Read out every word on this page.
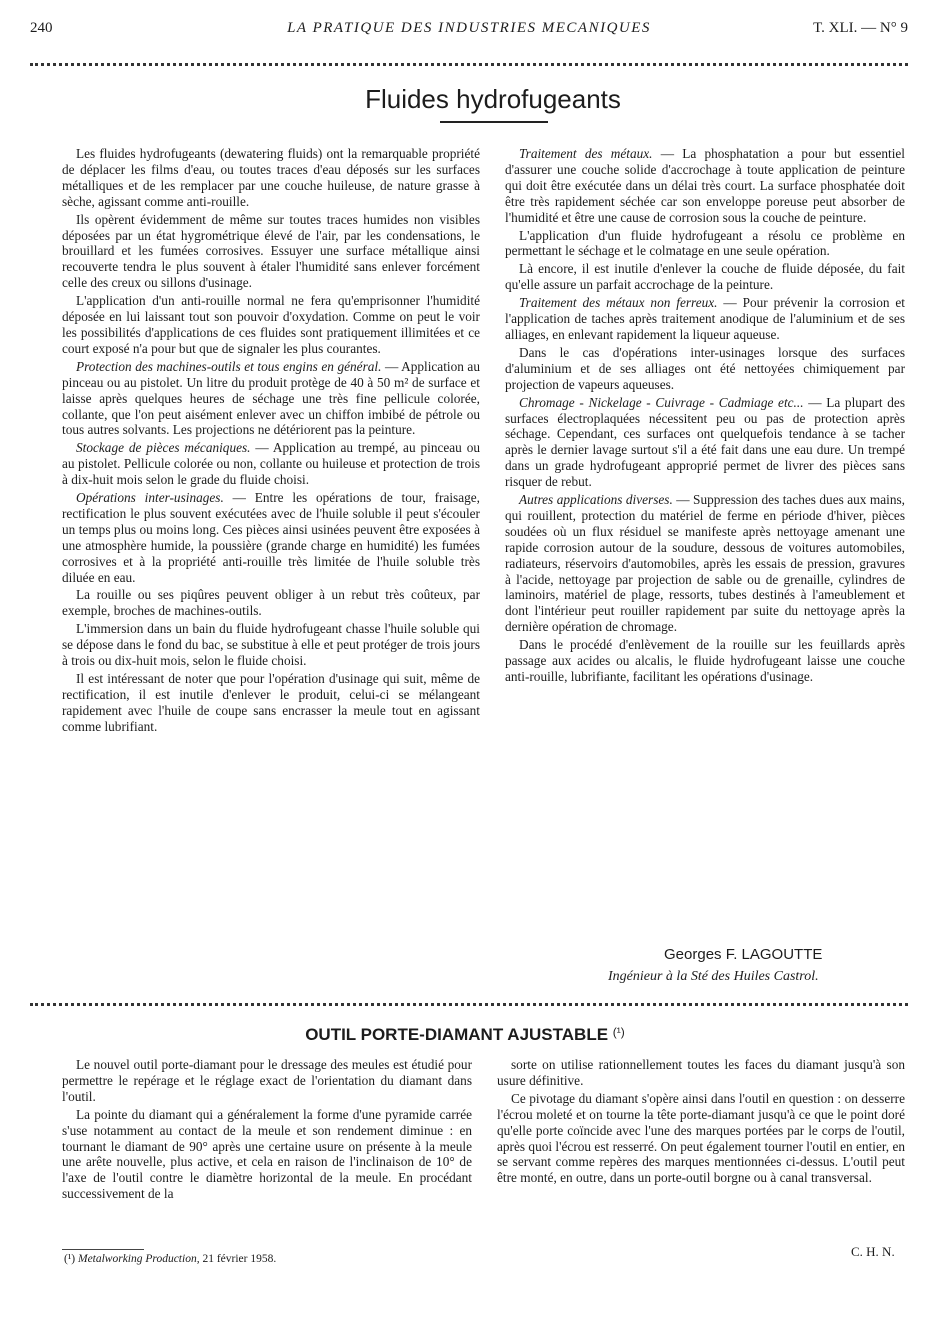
240	LA PRATIQUE DES INDUSTRIES MECANIQUES	T. XLI. — N° 9
Fluides hydrofugeants

Les fluides hydrofugeants (dewatering fluids) ont la remarquable propriété de déplacer les films d'eau, ou toutes traces d'eau déposés sur les surfaces métalliques et de les remplacer par une couche huileuse, de nature grasse à sèche, agissant comme anti-rouille.

Ils opèrent évidemment de même sur toutes traces humides non visibles déposées par un état hygrométrique élevé de l'air, par les condensations, le brouillard et les fumées corrosives. Essuyer une surface métallique ainsi recouverte tendra le plus souvent à étaler l'humidité sans enlever forcément celle des creux ou sillons d'usinage.

L'application d'un anti-rouille normal ne fera qu'emprisonner l'humidité déposée en lui laissant tout son pouvoir d'oxydation. Comme on peut le voir les possibilités d'applications de ces fluides sont pratiquement illimitées et ce court exposé n'a pour but que de signaler les plus courantes.

Protection des machines-outils et tous engins en général. — Application au pinceau ou au pistolet. Un litre du produit protège de 40 à 50 m² de surface et laisse après quelques heures de séchage une très fine pellicule colorée, collante, que l'on peut aisément enlever avec un chiffon imbibé de pétrole ou tous autres solvants. Les projections ne détériorent pas la peinture.

Stockage de pièces mécaniques. — Application au trempé, au pinceau ou au pistolet. Pellicule colorée ou non, collante ou huileuse et protection de trois à dix-huit mois selon le grade du fluide choisi.

Opérations inter-usinages. — Entre les opérations de tour, fraisage, rectification le plus souvent exécutées avec de l'huile soluble il peut s'écouler un temps plus ou moins long. Ces pièces ainsi usinées peuvent être exposées à une atmosphère humide, la poussière (grande charge en humidité) les fumées corrosives et à la propriété anti-rouille très limitée de l'huile soluble très diluée en eau.

La rouille ou ses piqûres peuvent obliger à un rebut très coûteux, par exemple, broches de machines-outils.

L'immersion dans un bain du fluide hydrofugeant chasse l'huile soluble qui se dépose dans le fond du bac, se substitue à elle et peut protéger de trois jours à trois ou dix-huit mois, selon le fluide choisi.

Il est intéressant de noter que pour l'opération d'usinage qui suit, même de rectification, il est inutile d'enlever le produit, celui-ci se mélangeant rapidement avec l'huile de coupe sans encrasser la meule tout en agissant comme lubrifiant.

Traitement des métaux. — La phosphatation a pour but essentiel d'assurer une couche solide d'accrochage à toute application de peinture qui doit être exécutée dans un délai très court. La surface phosphatée doit être très rapidement séchée car son enveloppe poreuse peut absorber de l'humidité et être une cause de corrosion sous la couche de peinture.

L'application d'un fluide hydrofugeant a résolu ce problème en permettant le séchage et le colmatage en une seule opération.

Là encore, il est inutile d'enlever la couche de fluide déposée, du fait qu'elle assure un parfait accrochage de la peinture.

Traitement des métaux non ferreux. — Pour prévenir la corrosion et l'application de taches après traitement anodique de l'aluminium et de ses alliages, en enlevant rapidement la liqueur aqueuse.

Dans le cas d'opérations inter-usinages lorsque des surfaces d'aluminium et de ses alliages ont été nettoyées chimiquement par projection de vapeurs aqueuses.

Chromage - Nickelage - Cuivrage - Cadmiage etc... — La plupart des surfaces électroplaquées nécessitent peu ou pas de protection après séchage. Cependant, ces surfaces ont quelquefois tendance à se tacher après le dernier lavage surtout s'il a été fait dans une eau dure. Un trempé dans un grade hydrofugeant approprié permet de livrer des pièces sans risquer de rebut.

Autres applications diverses. — Suppression des taches dues aux mains, qui rouillent, protection du matériel de ferme en période d'hiver, pièces soudées où un flux résiduel se manifeste après nettoyage amenant une rapide corrosion autour de la soudure, dessous de voitures automobiles, radiateurs, réservoirs d'automobiles, après les essais de pression, gravures à l'acide, nettoyage par projection de sable ou de grenaille, cylindres de laminoirs, matériel de plage, ressorts, tubes destinés à l'ameublement et dont l'intérieur peut rouiller rapidement par suite du nettoyage après la dernière opération de chromage.

Dans le procédé d'enlèvement de la rouille sur les feuillards après passage aux acides ou alcalis, le fluide hydrofugeant laisse une couche anti-rouille, lubrifiante, facilitant les opérations d'usinage.

Georges F. LAGOUTTE
Ingénieur à la Sté des Huiles Castrol.
OUTIL PORTE-DIAMANT AJUSTABLE $^{(^1)}$

Le nouvel outil porte-diamant pour le dressage des meules est étudié pour permettre le repérage et le réglage exact de l'orientation du diamant dans l'outil.

La pointe du diamant qui a généralement la forme d'une pyramide carrée s'use notamment au contact de la meule et son rendement diminue : en tournant le diamant de 90° après une certaine usure on présente à la meule une arête nouvelle, plus active, et cela en raison de l'inclinaison de 10° de l'axe de l'outil contre le diamètre horizontal de la meule. En procédant successivement de la

sorte on utilise rationnellement toutes les faces du diamant jusqu'à son usure définitive.

Ce pivotage du diamant s'opère ainsi dans l'outil en question : on desserre l'écrou moleté et on tourne la tête porte-diamant jusqu'à ce que le point doré qu'elle porte coïncide avec l'une des marques portées par le corps de l'outil, après quoi l'écrou est resserré. On peut également tourner l'outil en entier, en se servant comme repères des marques mentionnées ci-dessus. L'outil peut être monté, en outre, dans un porte-outil borgne ou à canal transversal.

C. H. N.
(¹) Metalworking Production, 21 février 1958.
